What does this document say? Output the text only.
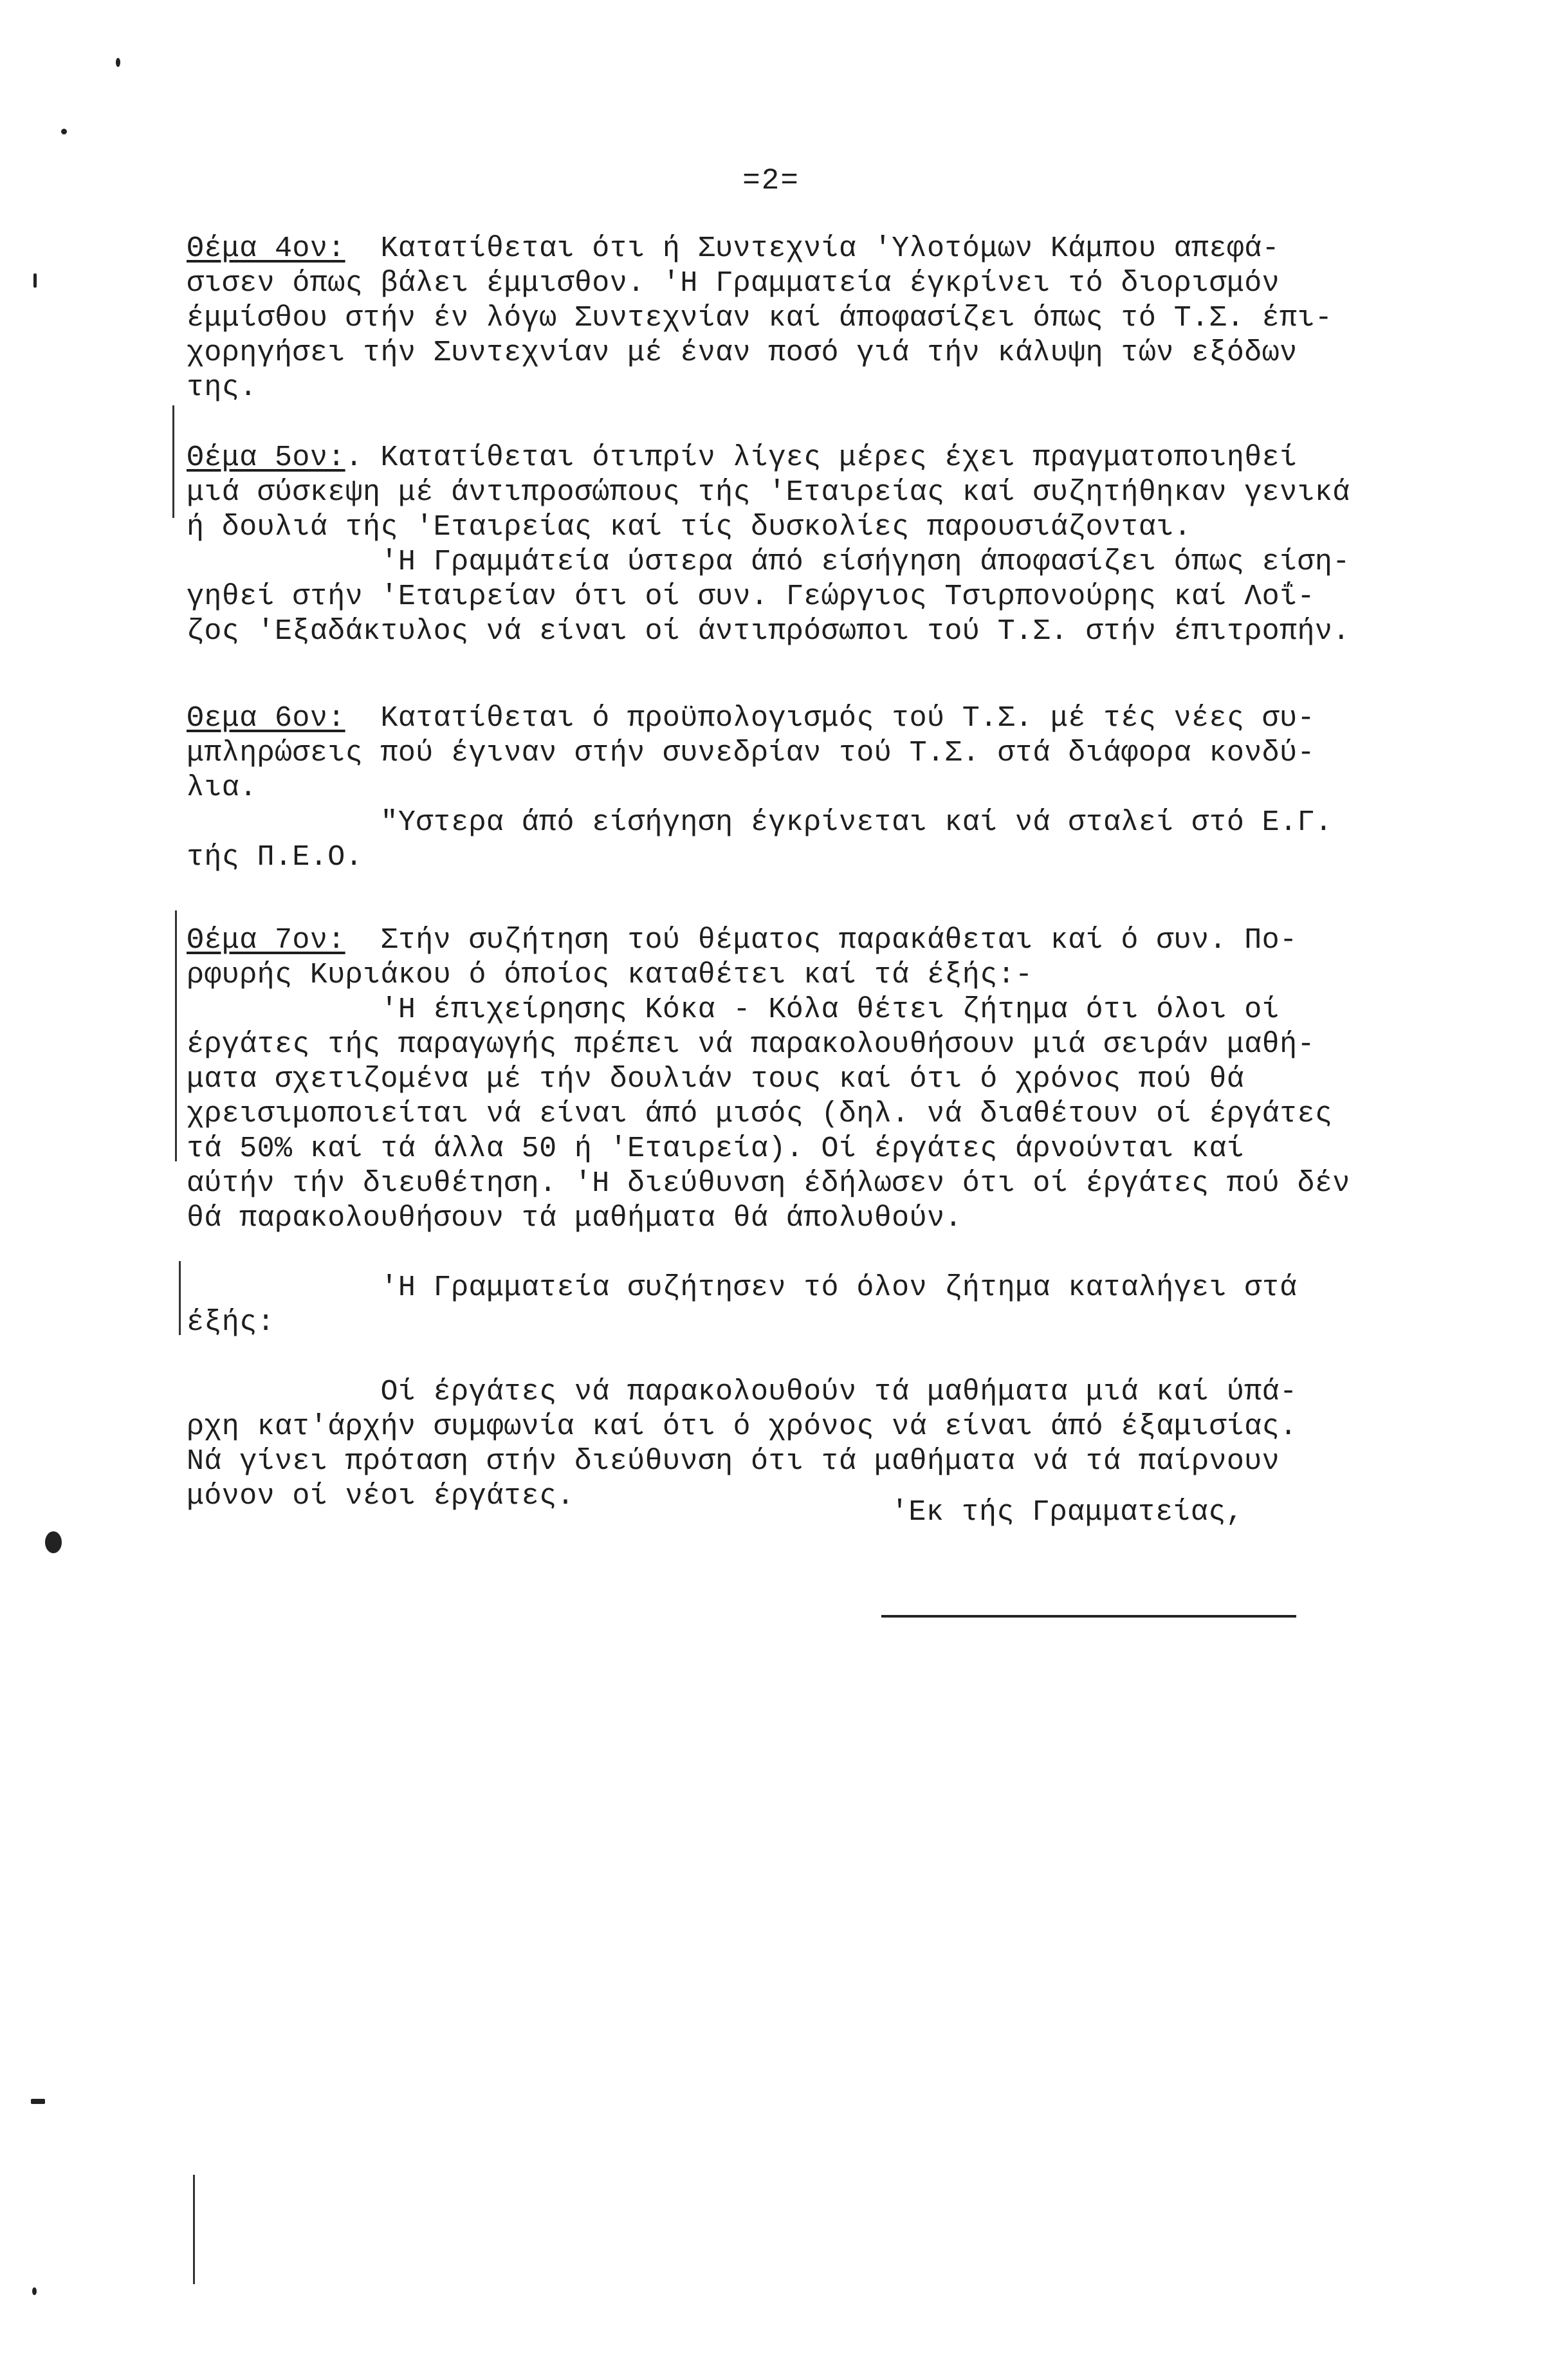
=2=
Θέμα 4ον:  Κατατίθεται ότι ή Συντεχνία 'Υλοτόμων Κάμπου απεφά-
σισεν όπως βάλει έμμισθον. 'Η Γραμματεία έγκρίνει τό διορισμόν
έμμίσθου στήν έν λόγω Συντεχνίαν καί άποφασίζει όπως τό Τ.Σ. έπι-
χορηγήσει τήν Συντεχνίαν μέ έναν ποσό γιά τήν κάλυψη τών εξόδων
της.
Θέμα 5ον:. Κατατίθεται ότιπρίν λίγες μέρες έχει πραγματοποιηθεί
μιά σύσκεψη μέ άντιπροσώπους τής 'Εταιρείας καί συζητήθηκαν γενικά
ή δουλιά τής 'Εταιρείας καί τίς δυσκολίες παρουσιάζονται.
'Η Γραμμάτεία ύστερα άπό είσήγηση άποφασίζει όπως είση-
γηθεί στήν 'Εταιρείαν ότι οί συν. Γεώργιος Τσιρπονούρης καί Λοΐ-
ζος 'Εξαδάκτυλος νά είναι οί άντιπρόσωποι τού Τ.Σ. στήν έπιτροπήν.
Θεμα 6ον:  Κατατίθεται ό προϋπολογισμός τού Τ.Σ. μέ τές νέες συ-
μπληρώσεις πού έγιναν στήν συνεδρίαν τού Τ.Σ. στά διάφορα κονδύ-
λια.
"Υστερα άπό είσήγηση έγκρίνεται καί νά σταλεί στό Ε.Γ.
τής Π.Ε.Ο.
Θέμα 7ον:  Στήν συζήτηση τού θέματος παρακάθεται καί ό συν. Πο-
ρφυρής Κυριάκου ό όποίος καταθέτει καί τά έξής:-
'Η έπιχείρησης Κόκα - Κόλα θέτει ζήτημα ότι όλοι οί
έργάτες τής παραγωγής πρέπει νά παρακολουθήσουν μιά σειράν μαθή-
ματα σχετιζομένα μέ τήν δουλιάν τους καί ότι ό χρόνος πού θά
χρεισιμοποιείται νά είναι άπό μισός (δηλ. νά διαθέτουν οί έργάτες
τά 50% καί τά άλλα 50 ή 'Εταιρεία). Οί έργάτες άρνούνται καί
αύτήν τήν διευθέτηση. 'Η διεύθυνση έδήλωσεν ότι οί έργάτες πού δέν
θά παρακολουθήσουν τά μαθήματα θά άπολυθούν.
'Η Γραμματεία συζήτησεν τό όλον ζήτημα καταλήγει στά
έξής:
Οί έργάτες νά παρακολουθούν τά μαθήματα μιά καί ύπά-
ρχη κατ'άρχήν συμφωνία καί ότι ό χρόνος νά είναι άπό έξαμισίας.
Νά γίνει πρόταση στήν διεύθυνση ότι τά μαθήματα νά τά παίρνουν
μόνον οί νέοι έργάτες.	'Εκ τής Γραμματείας,
